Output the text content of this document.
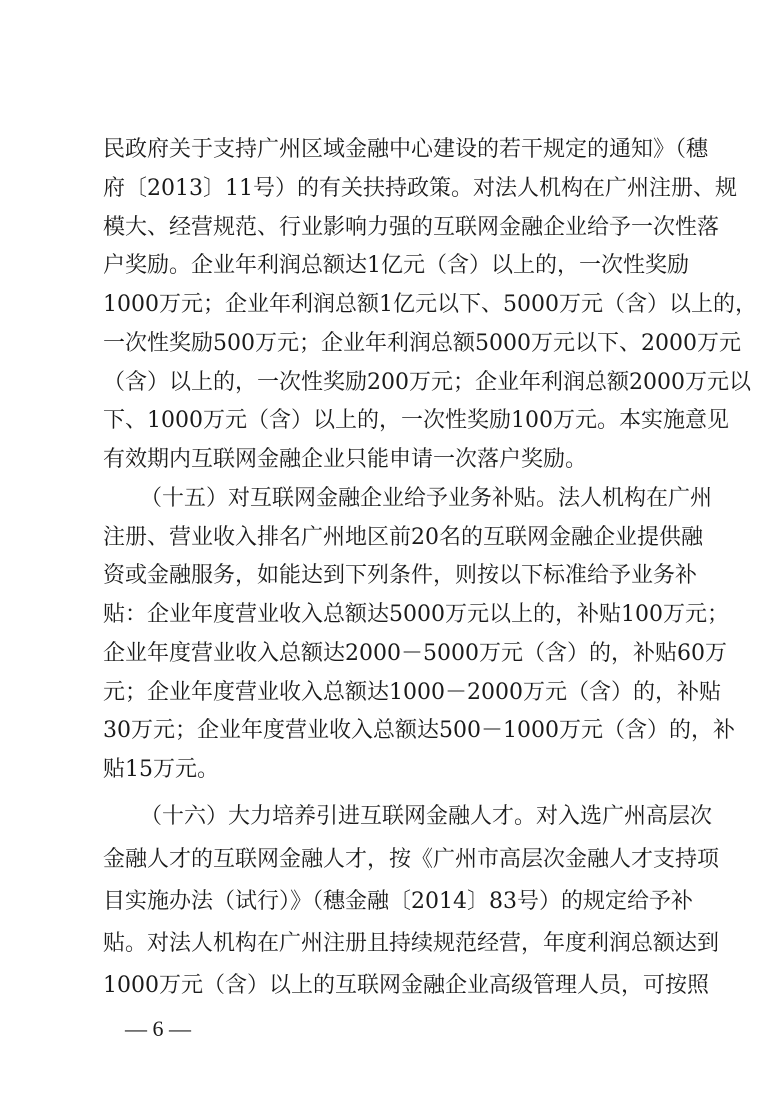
民政府关于支持广州区域金融中心建设的若干规定的通知》（穗
府〔2013〕11号）的有关扶持政策。对法人机构在广州注册、规
模大、经营规范、行业影响力强的互联网金融企业给予一次性落
户奖励。企业年利润总额达1亿元（含）以上的，一次性奖励
1000万元；企业年利润总额1亿元以下、5000万元（含）以上的，
一次性奖励500万元；企业年利润总额5000万元以下、2000万元
（含）以上的，一次性奖励200万元；企业年利润总额2000万元以
下、1000万元（含）以上的，一次性奖励100万元。本实施意见
有效期内互联网金融企业只能申请一次落户奖励。
（十五）对互联网金融企业给予业务补贴。法人机构在广州
注册、营业收入排名广州地区前20名的互联网金融企业提供融
资或金融服务，如能达到下列条件，则按以下标准给予业务补
贴：企业年度营业收入总额达5000万元以上的，补贴100万元；
企业年度营业收入总额达2000－5000万元（含）的，补贴60万
元；企业年度营业收入总额达1000－2000万元（含）的，补贴
30万元；企业年度营业收入总额达500－1000万元（含）的，补
贴15万元。
（十六）大力培养引进互联网金融人才。对入选广州高层次
金融人才的互联网金融人才，按《广州市高层次金融人才支持项
目实施办法（试行）》（穗金融〔2014〕83号）的规定给予补
贴。对法人机构在广州注册且持续规范经营，年度利润总额达到
1000万元（含）以上的互联网金融企业高级管理人员，可按照
— 6 —
